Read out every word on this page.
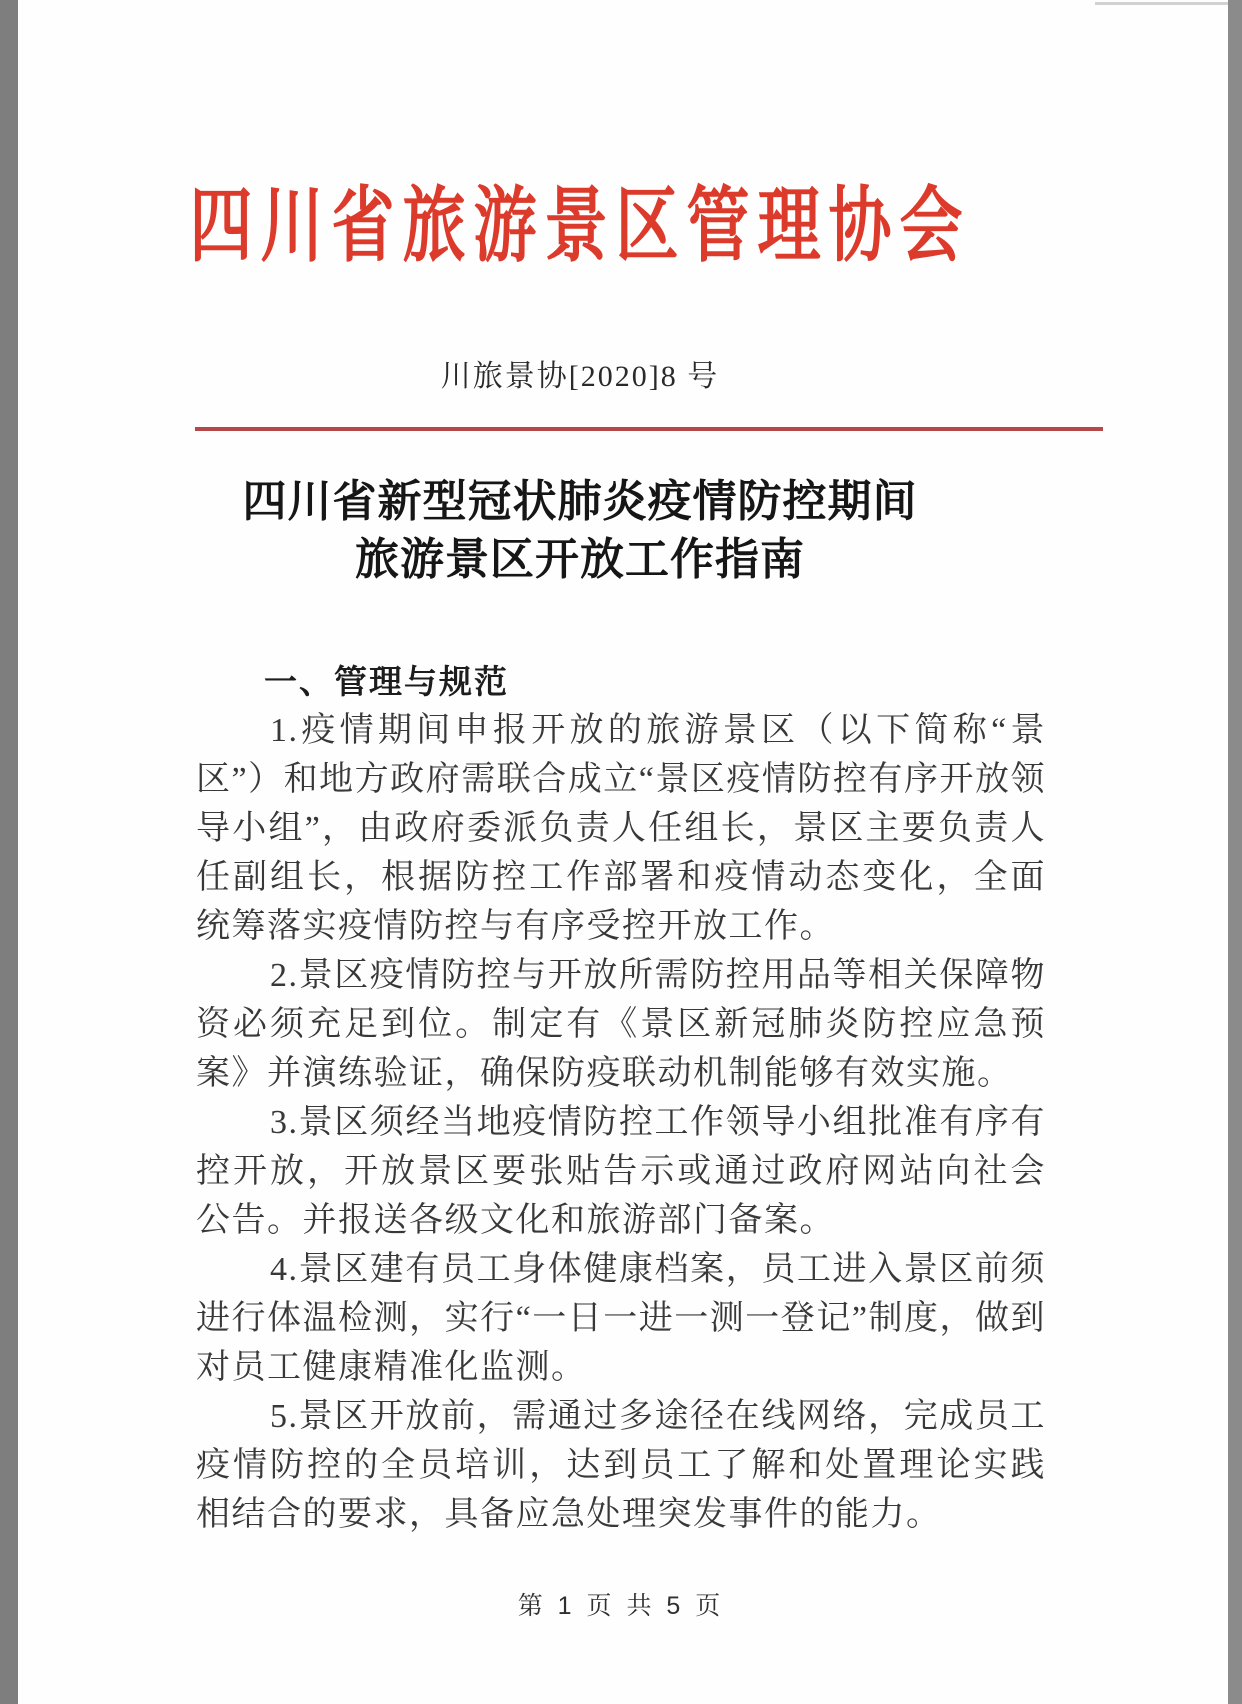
四川省旅游景区管理协会
川旅景协[2020]8 号
四川省新型冠状肺炎疫情防控期间
旅游景区开放工作指南
一、管理与规范

1.疫情期间申报开放的旅游景区（以下简称“景区”）和地方政府需联合成立“景区疫情防控有序开放领导小组”，由政府委派负责人任组长，景区主要负责人任副组长，根据防控工作部署和疫情动态变化，全面统筹落实疫情防控与有序受控开放工作。

2.景区疫情防控与开放所需防控用品等相关保障物资必须充足到位。制定有《景区新冠肺炎防控应急预案》并演练验证，确保防疫联动机制能够有效实施。

3.景区须经当地疫情防控工作领导小组批准有序有控开放，开放景区要张贴告示或通过政府网站向社会公告。并报送各级文化和旅游部门备案。

4.景区建有员工身体健康档案，员工进入景区前须进行体温检测，实行“一日一进一测一登记”制度，做到对员工健康精准化监测。

5.景区开放前，需通过多途径在线网络，完成员工疫情防控的全员培训，达到员工了解和处置理论实践相结合的要求，具备应急处理突发事件的能力。

第 1 页 共 5 页
